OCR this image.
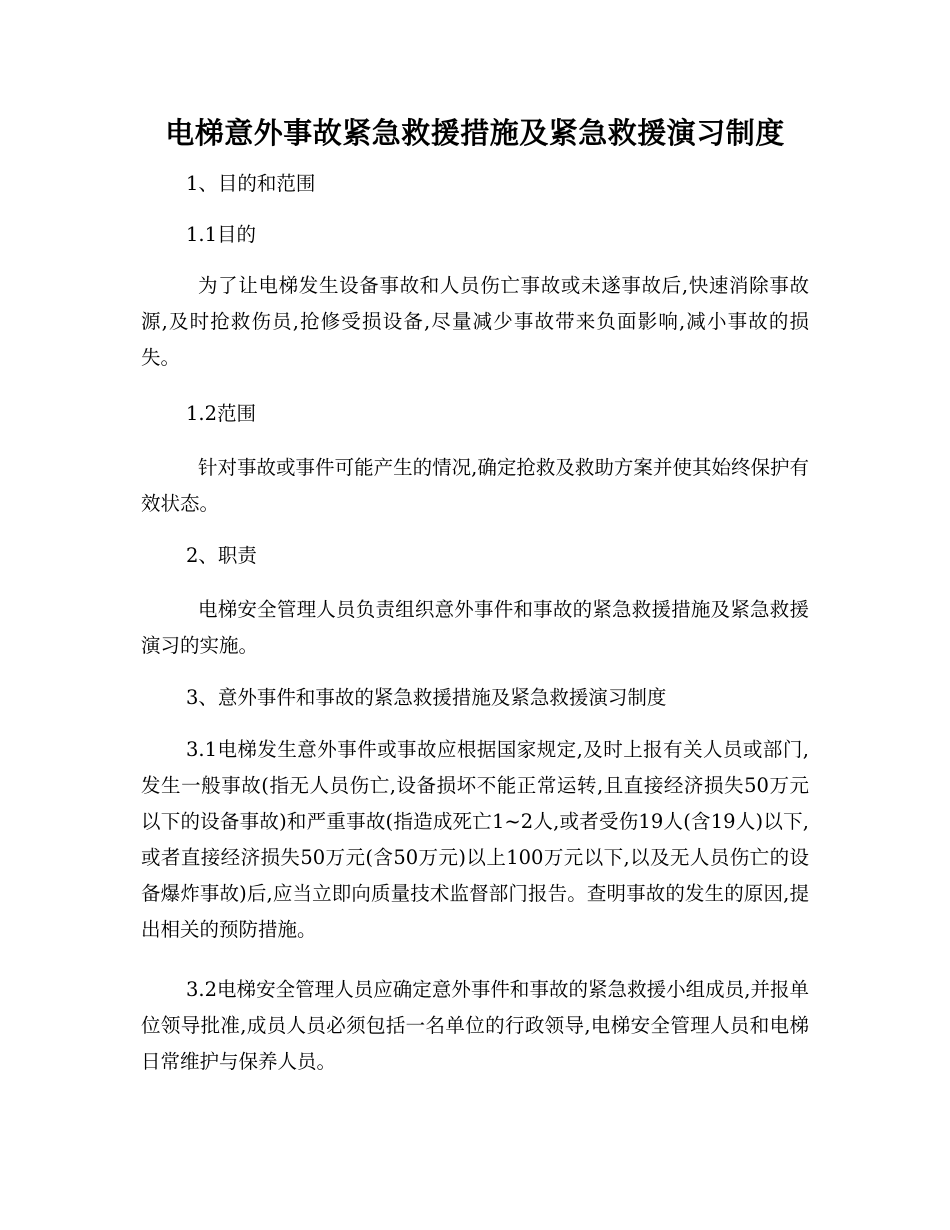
电梯意外事故紧急救援措施及紧急救援演习制度

1、目的和范围

1.1目的

为了让电梯发生设备事故和人员伤亡事故或未遂事故后,快速消除事故源,及时抢救伤员,抢修受损设备,尽量减少事故带来负面影响,减小事故的损失。

1.2范围

针对事故或事件可能产生的情况,确定抢救及救助方案并使其始终保护有效状态。

2、职责

电梯安全管理人员负责组织意外事件和事故的紧急救援措施及紧急救援演习的实施。

3、意外事件和事故的紧急救援措施及紧急救援演习制度

3.1电梯发生意外事件或事故应根据国家规定,及时上报有关人员或部门,发生一般事故(指无人员伤亡,设备损坏不能正常运转,且直接经济损失50万元以下的设备事故)和严重事故(指造成死亡1~2人,或者受伤19人(含19人)以下,或者直接经济损失50万元(含50万元)以上100万元以下,以及无人员伤亡的设备爆炸事故)后,应当立即向质量技术监督部门报告。查明事故的发生的原因,提出相关的预防措施。

3.2电梯安全管理人员应确定意外事件和事故的紧急救援小组成员,并报单位领导批准,成员人员必须包括一名单位的行政领导,电梯安全管理人员和电梯日常维护与保养人员。
